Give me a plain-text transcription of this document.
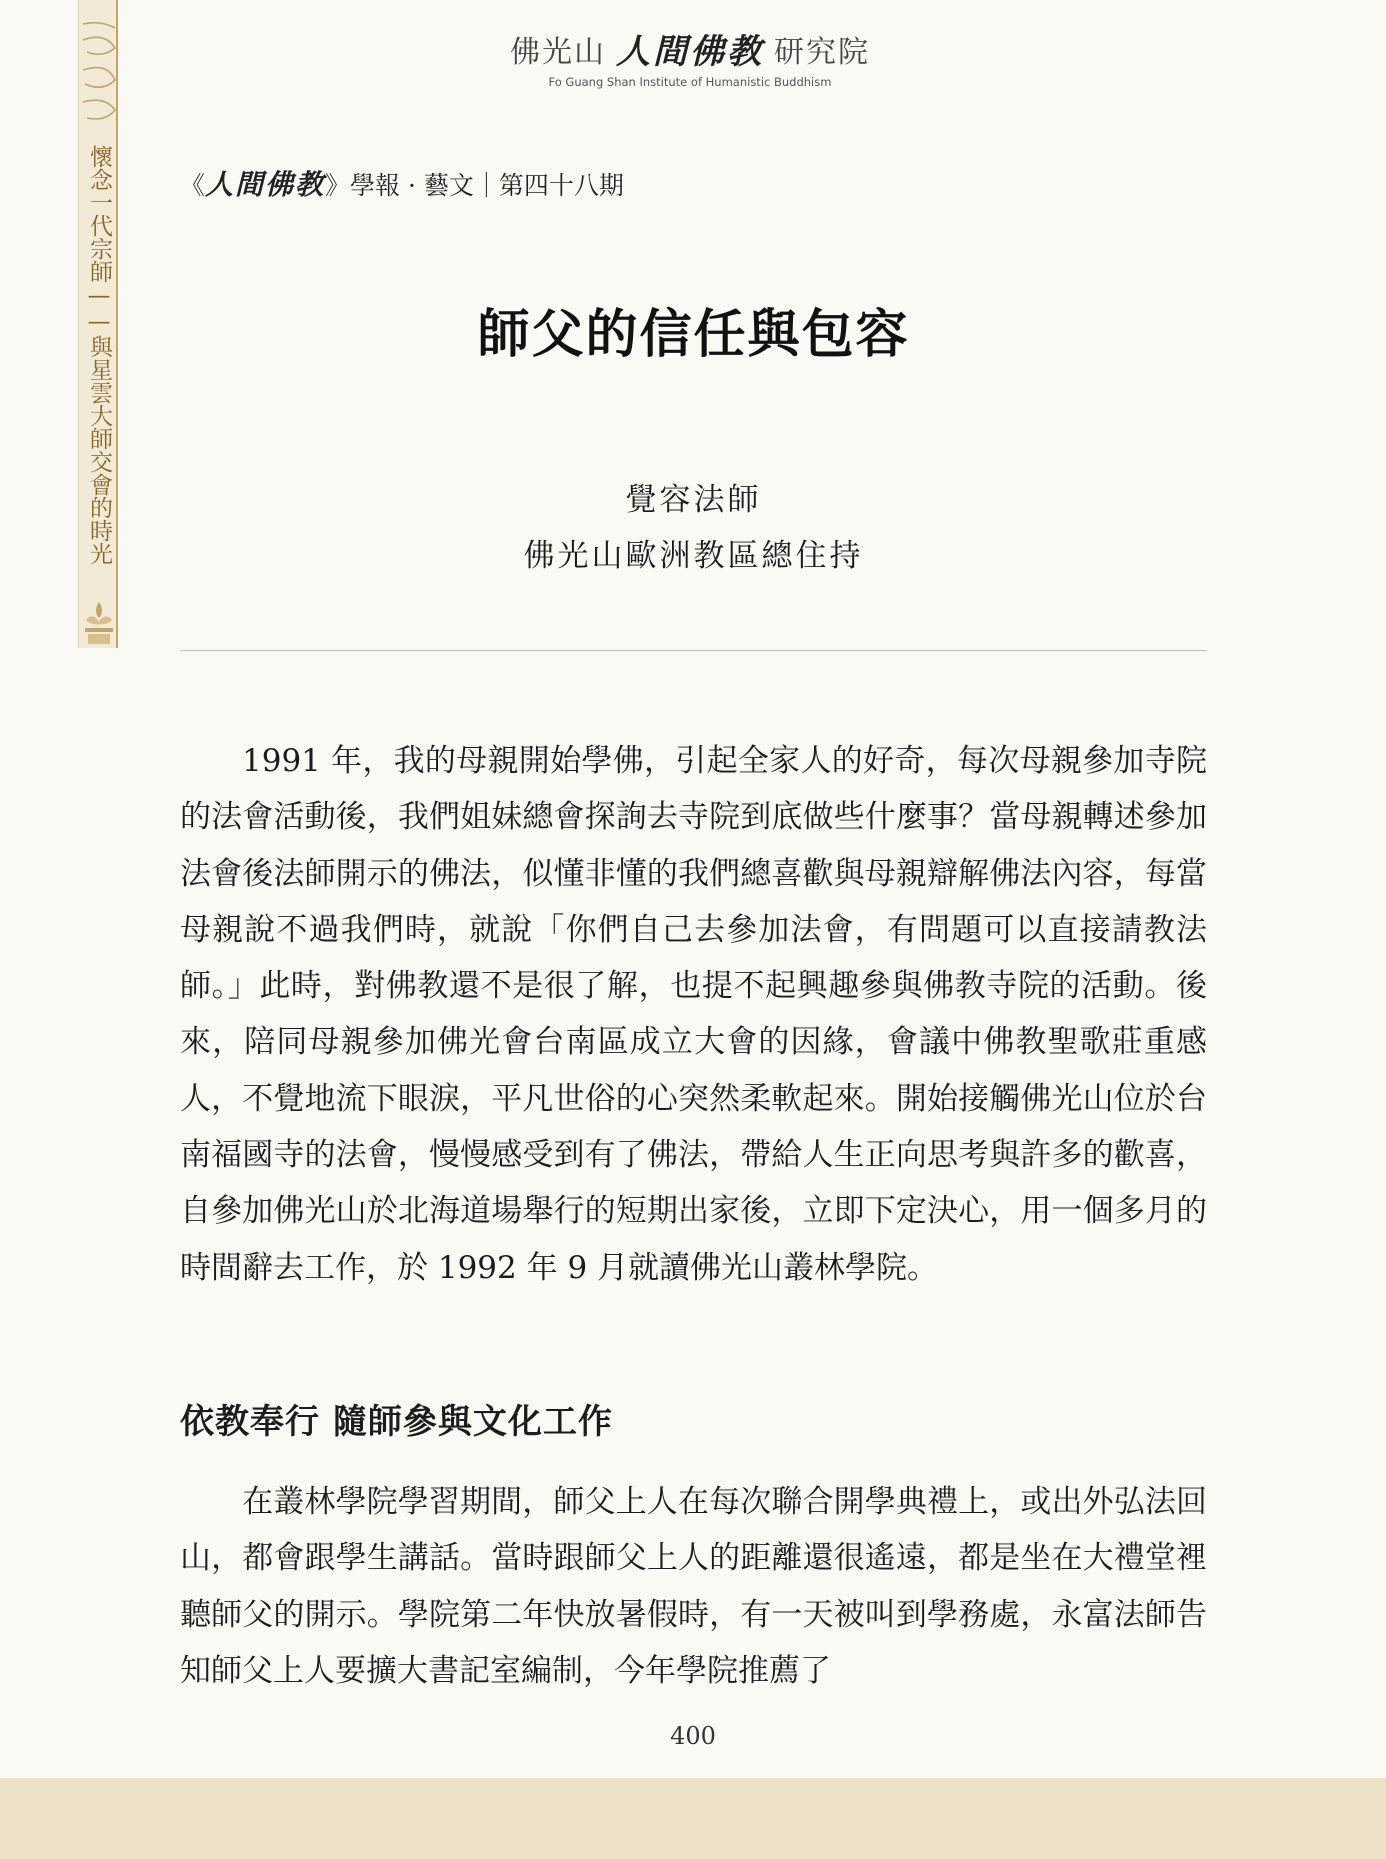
懷念一代宗師——與星雲大師交會的時光
佛光山 人間佛教 研究院
Fo Guang Shan Institute of Humanistic Buddhism
《人間佛教》學報 · 藝文｜第四十八期
師父的信任與包容
覺容法師
佛光山歐洲教區總住持

1991 年，我的母親開始學佛，引起全家人的好奇，每次母親參加寺院的法會活動後，我們姐妹總會探詢去寺院到底做些什麼事？當母親轉述參加法會後法師開示的佛法，似懂非懂的我們總喜歡與母親辯解佛法內容，每當母親說不過我們時，就說「你們自己去參加法會，有問題可以直接請教法師。」此時，對佛教還不是很了解，也提不起興趣參與佛教寺院的活動。後來，陪同母親參加佛光會台南區成立大會的因緣，會議中佛教聖歌莊重感人，不覺地流下眼淚，平凡世俗的心突然柔軟起來。開始接觸佛光山位於台南福國寺的法會，慢慢感受到有了佛法，帶給人生正向思考與許多的歡喜，自參加佛光山於北海道場舉行的短期出家後，立即下定決心，用一個多月的時間辭去工作，於 1992 年 9 月就讀佛光山叢林學院。

依教奉行 隨師參與文化工作

在叢林學院學習期間，師父上人在每次聯合開學典禮上，或出外弘法回山，都會跟學生講話。當時跟師父上人的距離還很遙遠，都是坐在大禮堂裡聽師父的開示。學院第二年快放暑假時，有一天被叫到學務處，永富法師告知師父上人要擴大書記室編制，今年學院推薦了

400
